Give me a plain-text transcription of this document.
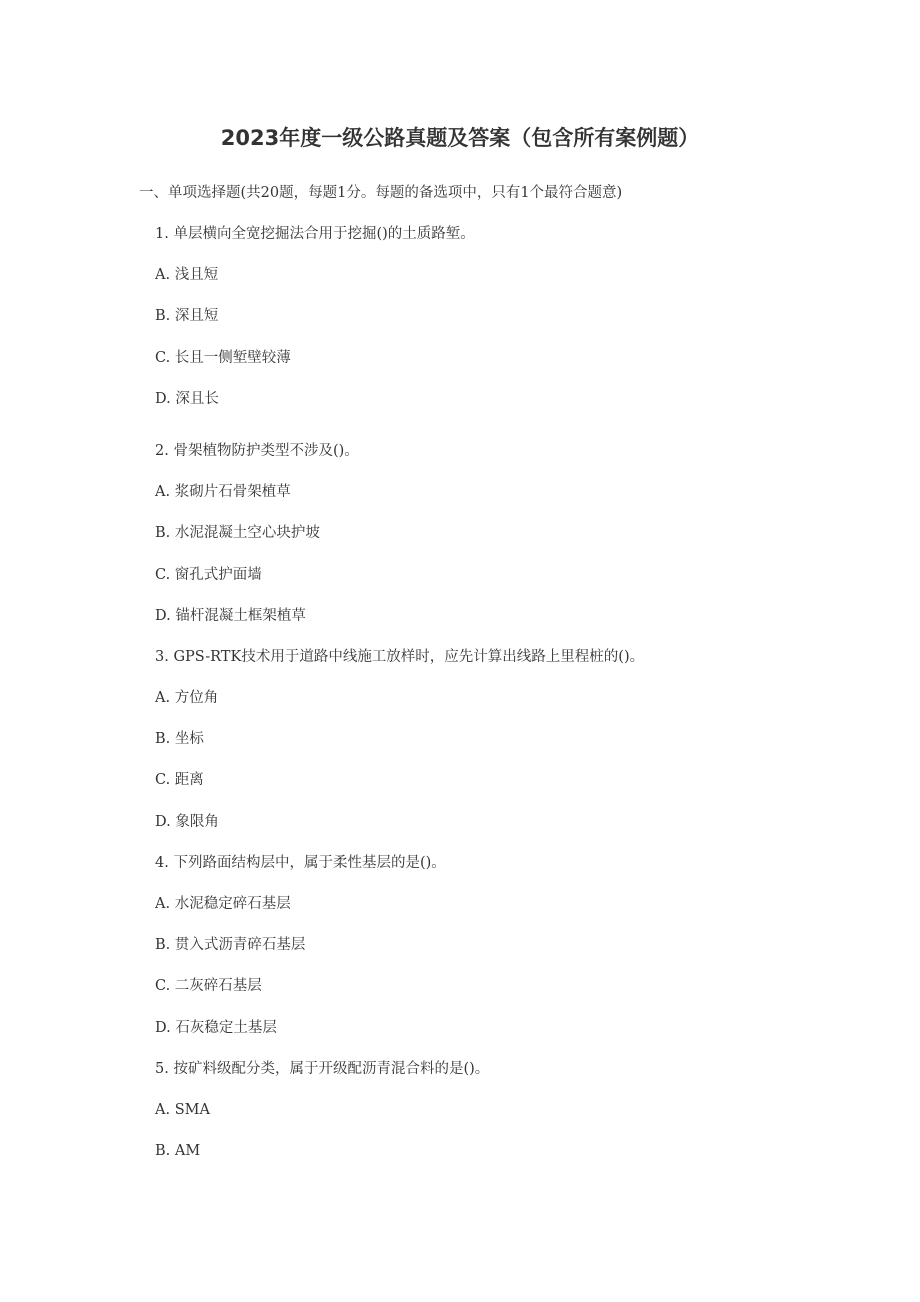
2023年度一级公路真题及答案（包含所有案例题）
一、单项选择题(共20题，每题1分。每题的备选项中，只有1个最符合题意)
1. 单层横向全宽挖掘法合用于挖掘()的土质路堑。
A. 浅且短
B. 深且短
C. 长且一侧堑壁较薄
D. 深且长
2. 骨架植物防护类型不涉及()。
A. 浆砌片石骨架植草
B. 水泥混凝土空心块护坡
C. 窗孔式护面墙
D. 锚杆混凝土框架植草
3. GPS-RTK技术用于道路中线施工放样时，应先计算出线路上里程桩的()。
A. 方位角
B. 坐标
C. 距离
D. 象限角
4. 下列路面结构层中，属于柔性基层的是()。
A. 水泥稳定碎石基层
B. 贯入式沥青碎石基层
C. 二灰碎石基层
D. 石灰稳定土基层
5. 按矿料级配分类，属于开级配沥青混合料的是()。
A. SMA
B. AM
